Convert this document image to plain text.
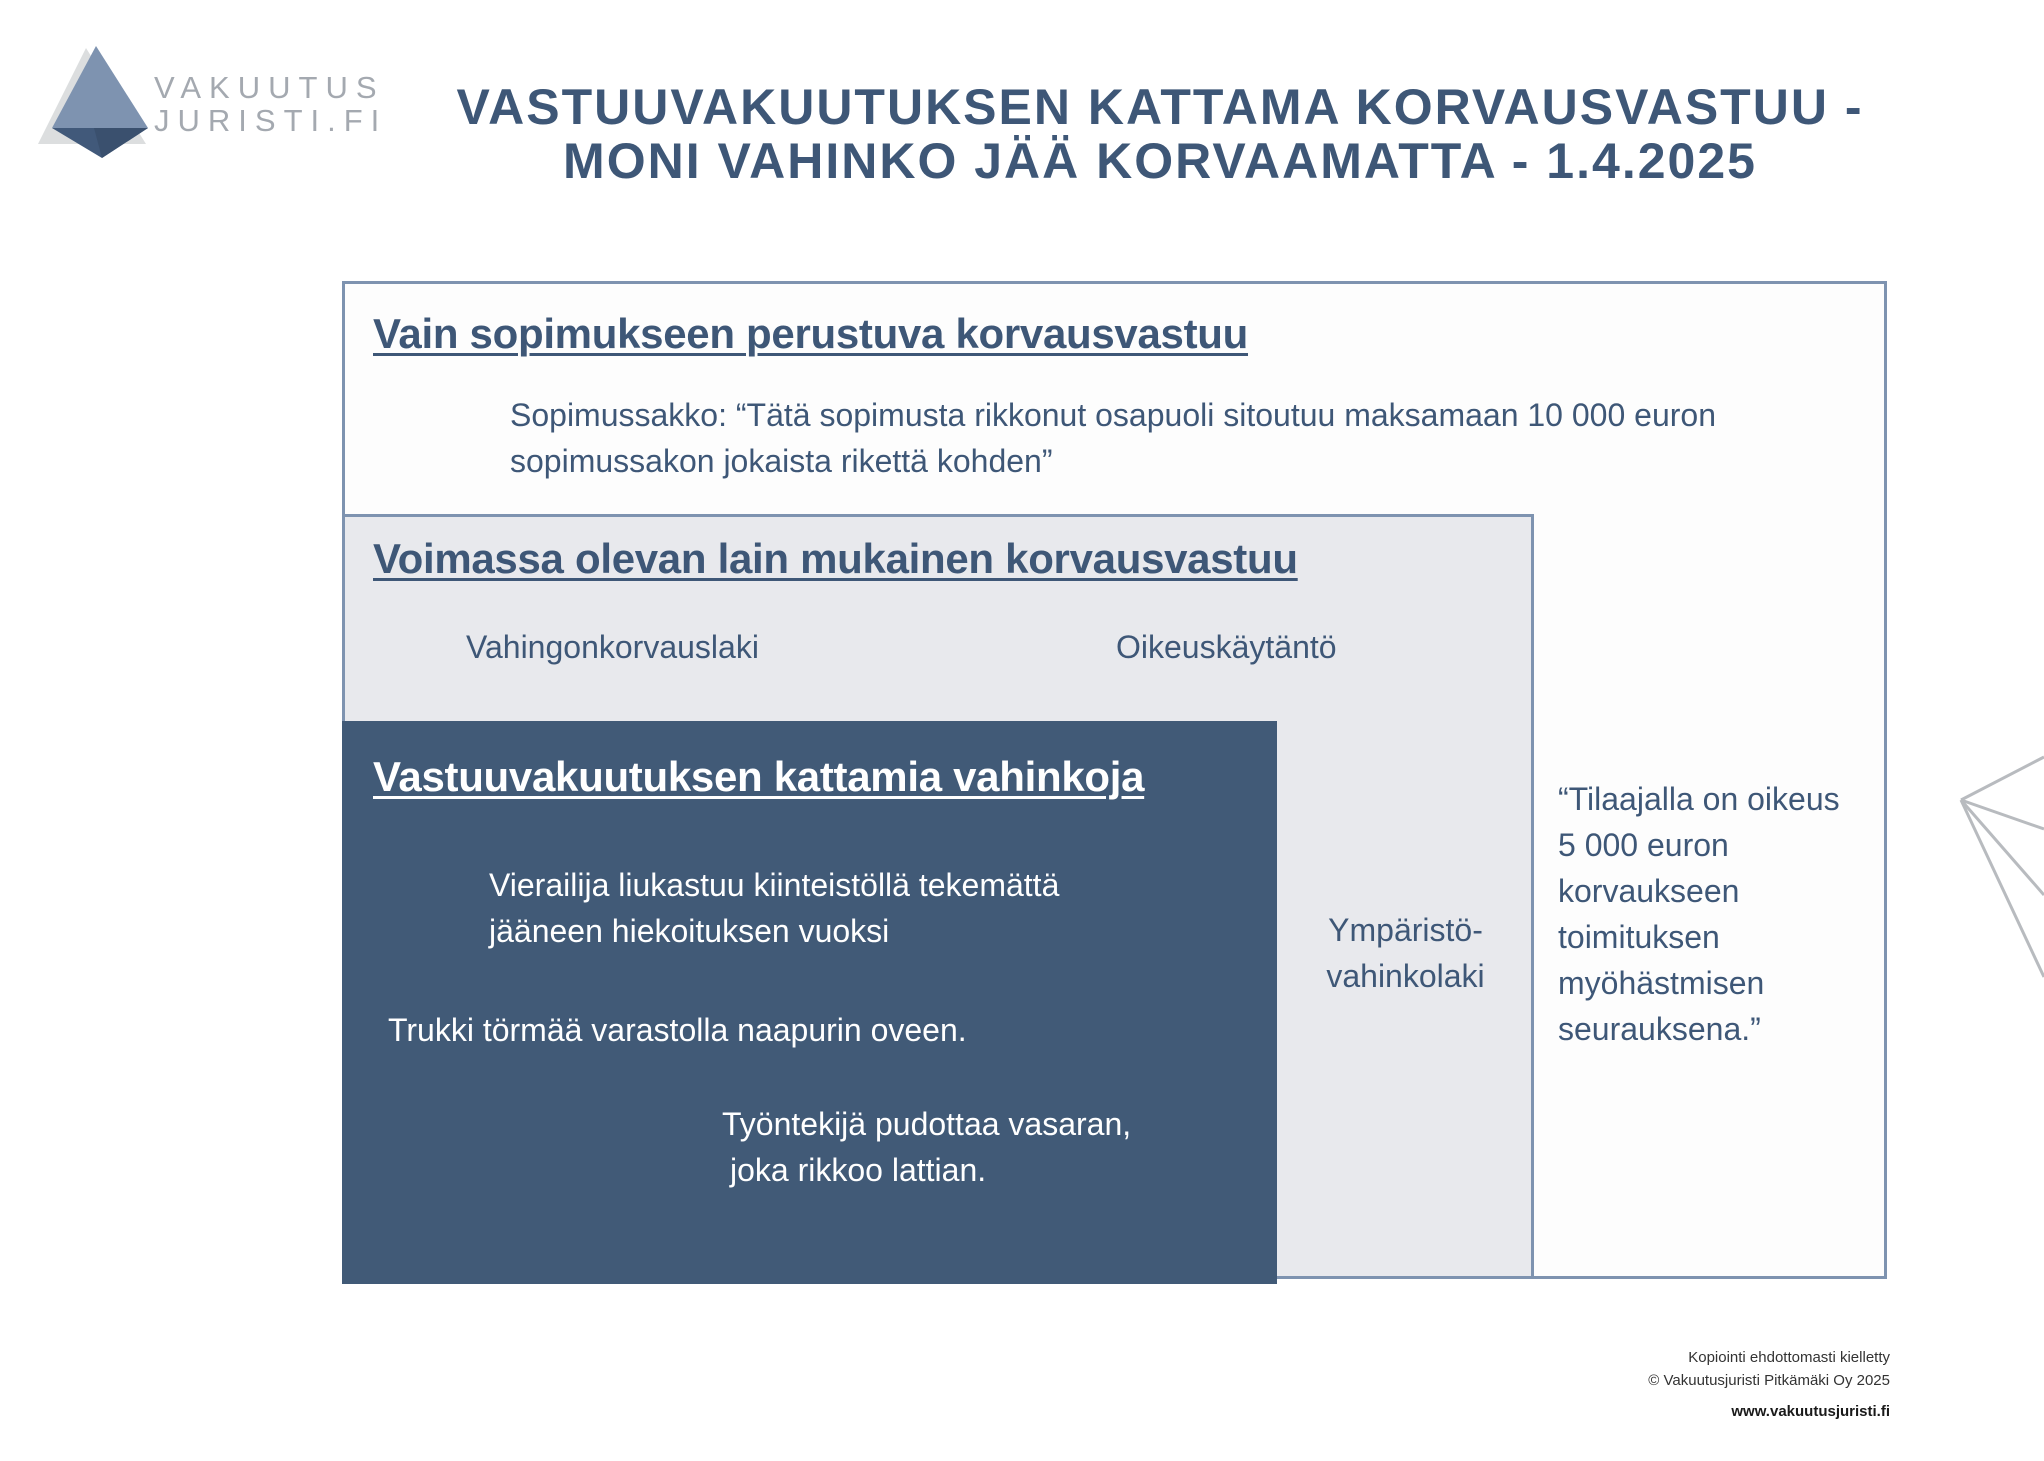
VAKUUTUS
JURISTI.FI	VASTUUVAKUUTUKSEN KATTAMA KORVAUSVASTUU -
MONI VAHINKO JÄÄ KORVAAMATTA - 1.4.2025
Vain sopimukseen perustuva korvausvastuu
Sopimussakko: “Tätä sopimusta rikkonut osapuoli sitoutuu maksamaan 10 000 euron
sopimussakon jokaista rikettä kohden”
“Tilaajalla on oikeus
5 000 euron
korvaukseen
toimituksen
myöhästmisen
seurauksena.”
Voimassa olevan lain mukainen korvausvastuu
Vahingonkorvauslaki	Oikeuskäytäntö
Ympäristö-
vahinkolaki
Vastuuvakuutuksen kattamia vahinkoja
Vierailija liukastuu kiinteistöllä tekemättä
jääneen hiekoituksen vuoksi
Trukki törmää varastolla naapurin oveen.
Työntekijä pudottaa vasaran,
joka rikkoo lattian.
Kopiointi ehdottomasti kielletty
© Vakuutusjuristi Pitkämäki Oy 2025
www.vakuutusjuristi.fi
